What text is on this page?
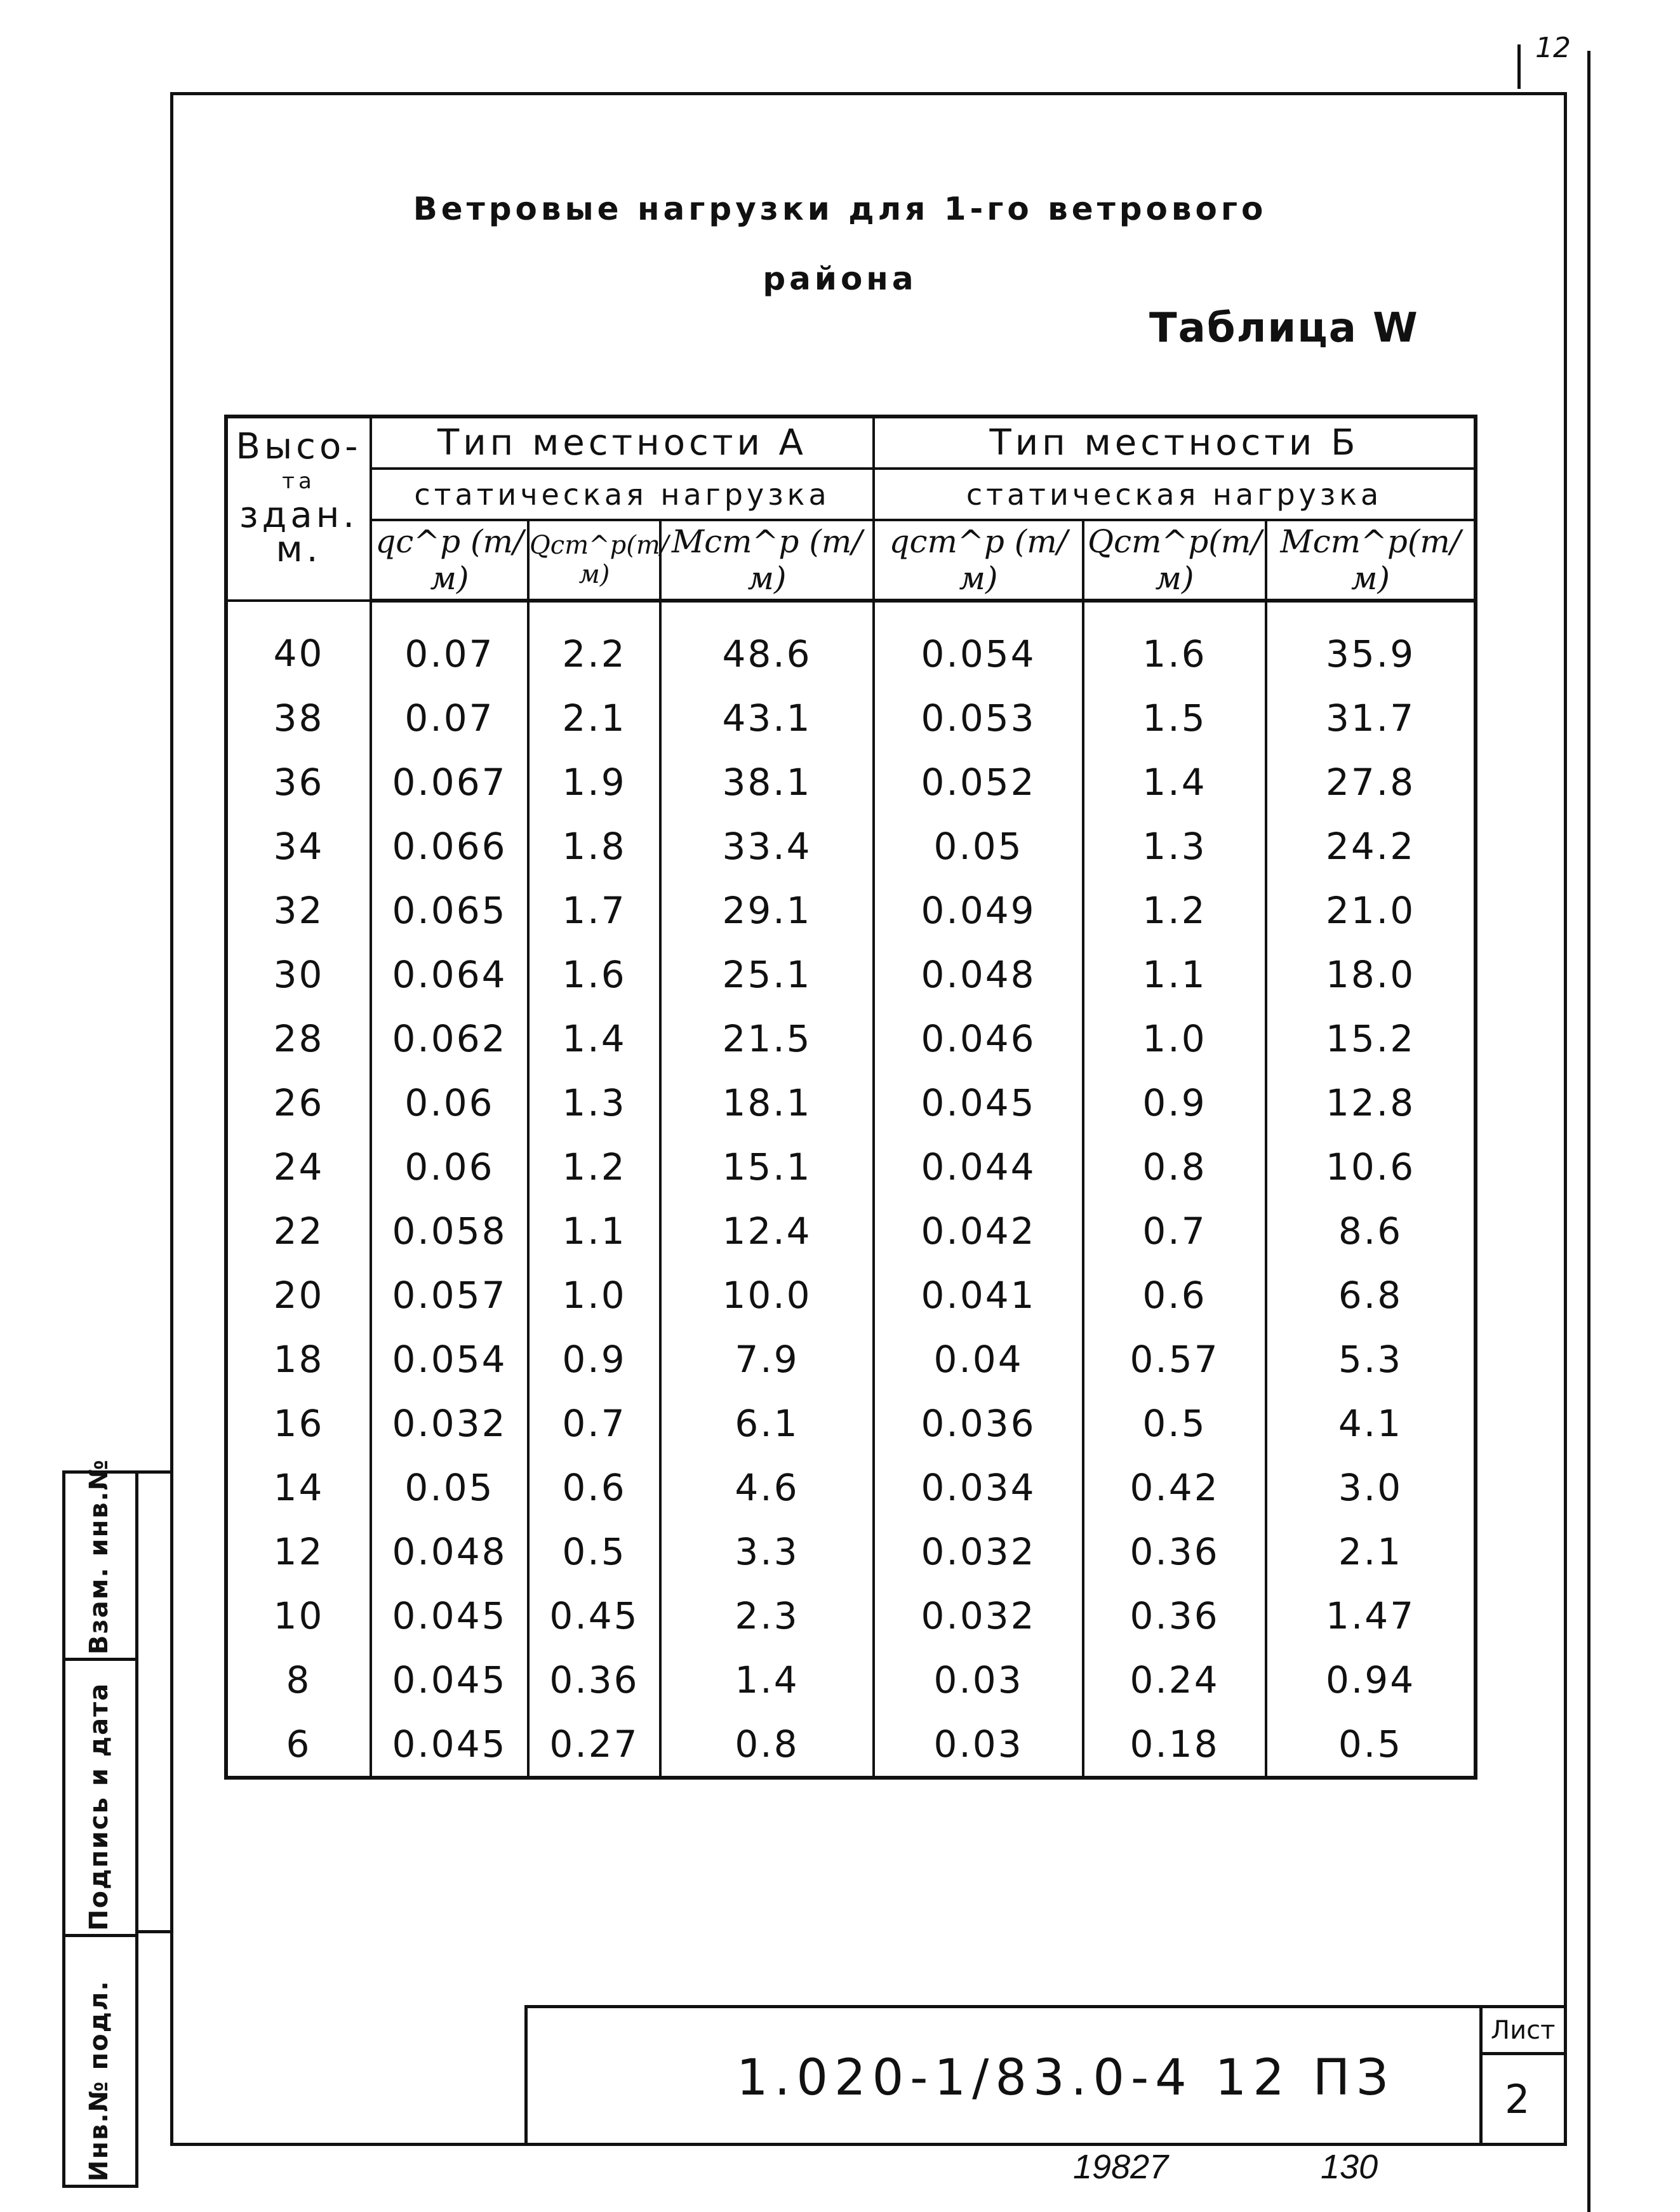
12
Ветровые нагрузки для 1-го ветрового
района
Таблица W
Высо-
та
здан.
м.	Тип местности А			Тип местности Б		
	статическая нагрузка			статическая нагрузка		
	qс^р (т/м)	Qст^р(т/м)	Mст^р (т/м)	qст^р (т/м)	Qст^р(т/м)	Mст^р(т/м)
40	0.07	2.2	48.6	0.054	1.6	35.9
38	0.07	2.1	43.1	0.053	1.5	31.7
36	0.067	1.9	38.1	0.052	1.4	27.8
34	0.066	1.8	33.4	0.05	1.3	24.2
32	0.065	1.7	29.1	0.049	1.2	21.0
30	0.064	1.6	25.1	0.048	1.1	18.0
28	0.062	1.4	21.5	0.046	1.0	15.2
26	0.06	1.3	18.1	0.045	0.9	12.8
24	0.06	1.2	15.1	0.044	0.8	10.6
22	0.058	1.1	12.4	0.042	0.7	8.6
20	0.057	1.0	10.0	0.041	0.6	6.8
18	0.054	0.9	7.9	0.04	0.57	5.3
16	0.032	0.7	6.1	0.036	0.5	4.1
14	0.05	0.6	4.6	0.034	0.42	3.0
12	0.048	0.5	3.3	0.032	0.36	2.1
10	0.045	0.45	2.3	0.032	0.36	1.47
8	0.045	0.36	1.4	0.03	0.24	0.94
6	0.045	0.27	0.8	0.03	0.18	0.5
Взам. инв.№
Подпись и дата
Инв.№ подл.	1.020-1/83.0-4 12 ПЗ
Лист
2
19827	130
